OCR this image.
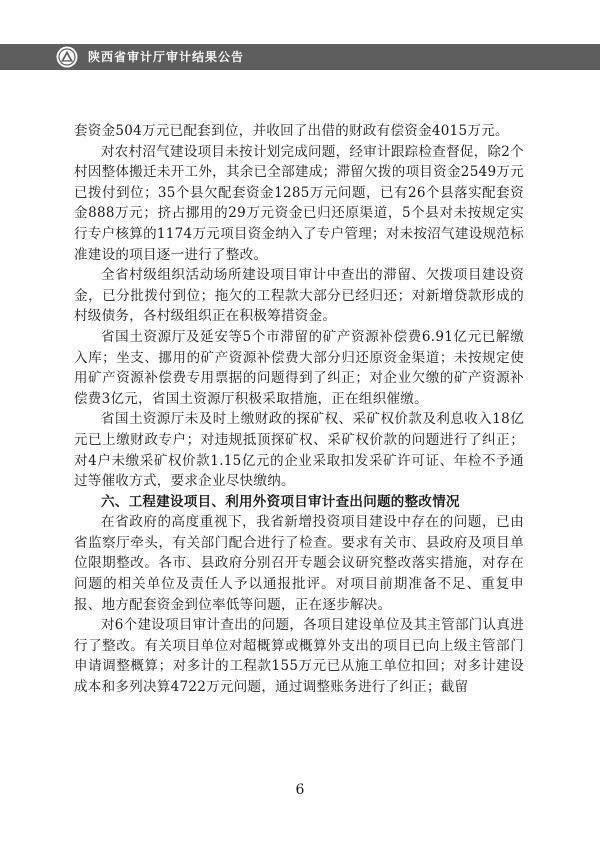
陕西省审计厅审计结果公告

套资金504万元已配套到位，并收回了出借的财政有偿资金4015万元。

对农村沼气建设项目未按计划完成问题，经审计跟踪检查督促，除2个村因整体搬迁未开工外，其余已全部建成；滞留欠拨的项目资金2549万元已拨付到位；35个县欠配套资金1285万元问题，已有26个县落实配套资金888万元；挤占挪用的29万元资金已归还原渠道，5个县对未按规定实行专户核算的1174万元项目资金纳入了专户管理；对未按沼气建设规范标准建设的项目逐一进行了整改。

全省村级组织活动场所建设项目审计中查出的滞留、欠拨项目建设资金，已分批拨付到位；拖欠的工程款大部分已经归还；对新增贷款形成的村级债务，各村级组织正在积极筹措资金。

省国土资源厅及延安等5个市滞留的矿产资源补偿费6.91亿元已解缴入库；坐支、挪用的矿产资源补偿费大部分归还原资金渠道；未按规定使用矿产资源补偿费专用票据的问题得到了纠正；对企业欠缴的矿产资源补偿费3亿元，省国土资源厅积极采取措施，正在组织催缴。

省国土资源厅未及时上缴财政的探矿权、采矿权价款及利息收入18亿元已上缴财政专户；对违规抵顶探矿权、采矿权价款的问题进行了纠正；对4户未缴采矿权价款1.15亿元的企业采取扣发采矿许可证、年检不予通过等催收方式，要求企业尽快缴纳。

六、工程建设项目、利用外资项目审计查出问题的整改情况

在省政府的高度重视下，我省新增投资项目建设中存在的问题，已由省监察厅牵头，有关部门配合进行了检查。要求有关市、县政府及项目单位限期整改。各市、县政府分别召开专题会议研究整改落实措施，对存在问题的相关单位及责任人予以通报批评。对项目前期准备不足、重复申报、地方配套资金到位率低等问题，正在逐步解决。

对6个建设项目审计查出的问题，各项目建设单位及其主管部门认真进行了整改。有关项目单位对超概算或概算外支出的项目已向上级主管部门申请调整概算；对多计的工程款155万元已从施工单位扣回；对多计建设成本和多列决算4722万元问题，通过调整账务进行了纠正；截留

6
